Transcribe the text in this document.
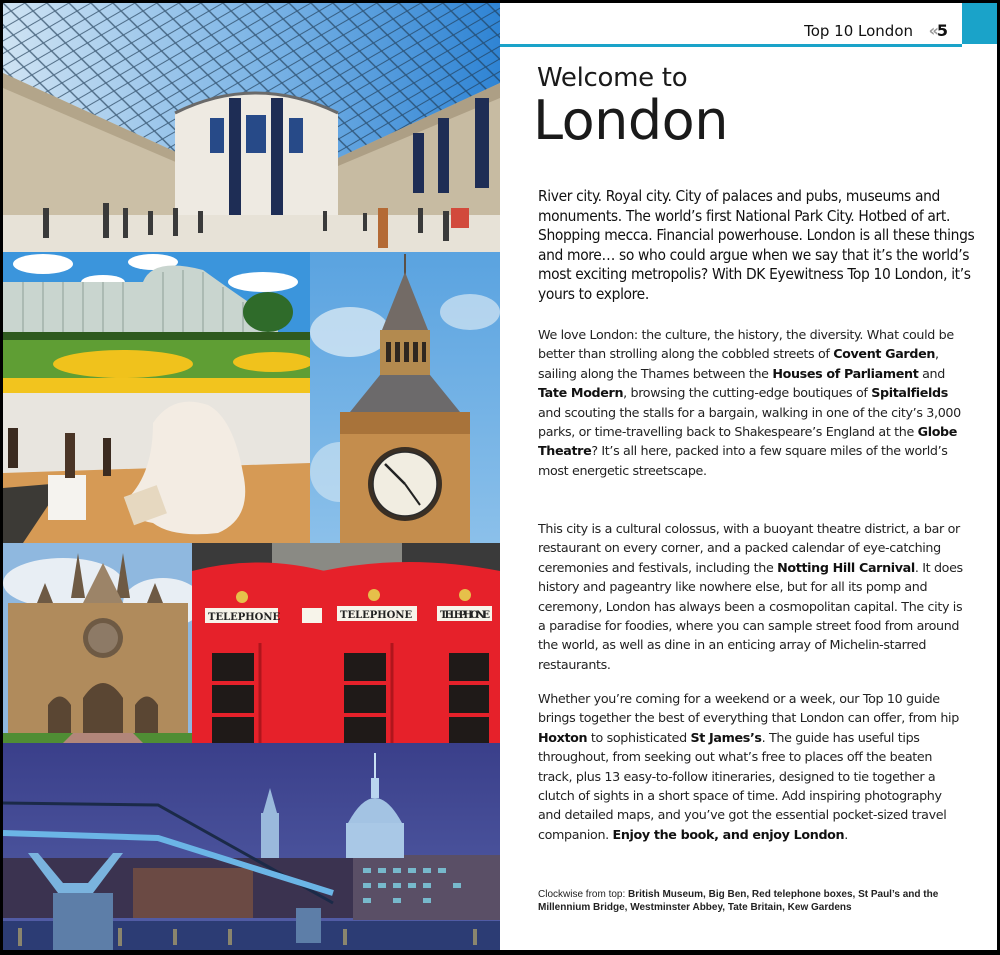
TELEPHONE	TELEPHONE	TELEPHONE
Top 10 London «
5
Welcome to
London

River city. Royal city. City of palaces and pubs, museums and monuments. The world’s first National Park City. Hotbed of art. Shopping mecca. Financial powerhouse. London is all these things and more… so who could argue when we say that it’s the world’s most exciting metropolis? With DK Eyewitness Top 10 London, it’s yours to explore.

We love London: the culture, the history, the diversity. What could be better than strolling along the cobbled streets of Covent Garden, sailing along the Thames between the Houses of Parliament and Tate Modern, browsing the cutting-edge boutiques of Spitalfields and scouting the stalls for a bargain, walking in one of the city’s 3,000 parks, or time-travelling back to Shakespeare’s England at the Globe Theatre? It’s all here, packed into a few square miles of the world’s most energetic streetscape.

This city is a cultural colossus, with a buoyant theatre district, a bar or restaurant on every corner, and a packed calendar of eye-catching ceremonies and festivals, including the Notting Hill Carnival. It does history and pageantry like nowhere else, but for all its pomp and ceremony, London has always been a cosmopolitan capital. The city is a paradise for foodies, where you can sample street food from around the world, as well as dine in an enticing array of Michelin-starred restaurants.

Whether you’re coming for a weekend or a week, our Top 10 guide brings together the best of everything that London can offer, from hip Hoxton to sophisticated St James’s. The guide has useful tips throughout, from seeking out what’s free to places off the beaten track, plus 13 easy-to-follow itineraries, designed to tie together a clutch of sights in a short space of time. Add inspiring photography and detailed maps, and you’ve got the essential pocket-sized travel companion. Enjoy the book, and enjoy London.

Clockwise from top: British Museum, Big Ben, Red telephone boxes, St Paul’s and the Millennium Bridge, Westminster Abbey, Tate Britain, Kew Gardens
